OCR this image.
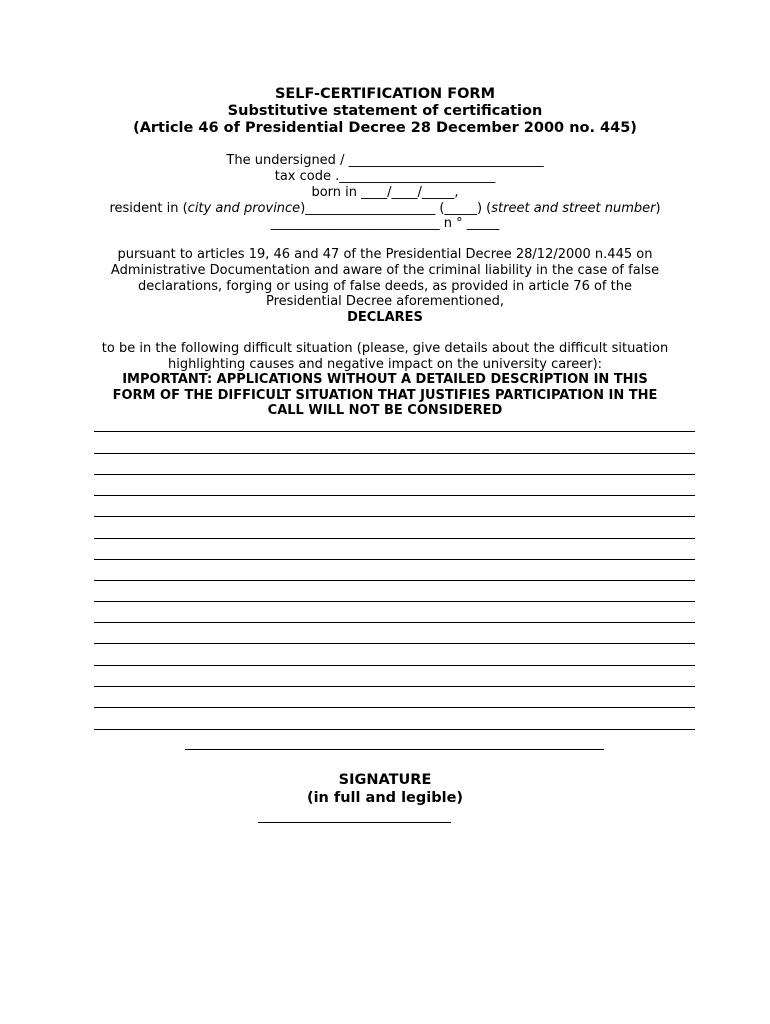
SELF-CERTIFICATION FORM
Substitutive statement of certification
(Article 46 of Presidential Decree 28 December 2000 no. 445)
The undersigned / ______________________________
tax code .________________________
born in ____/____/_____,
resident in (city and province)____________________ (_____) (street and street number)
__________________________ n ° _____
pursuant to articles 19, 46 and 47 of the Presidential Decree 28/12/2000 n.445 on
Administrative Documentation and aware of the criminal liability in the case of false
declarations, forging or using of false deeds, as provided in article 76 of the
Presidential Decree aforementioned,
DECLARES
to be in the following difficult situation (please, give details about the difficult situation
highlighting causes and negative impact on the university career):
IMPORTANT: APPLICATIONS WITHOUT A DETAILED DESCRIPTION IN THIS
FORM OF THE DIFFICULT SITUATION THAT JUSTIFIES PARTICIPATION IN THE
CALL WILL NOT BE CONSIDERED
SIGNATURE
(in full and legible)
